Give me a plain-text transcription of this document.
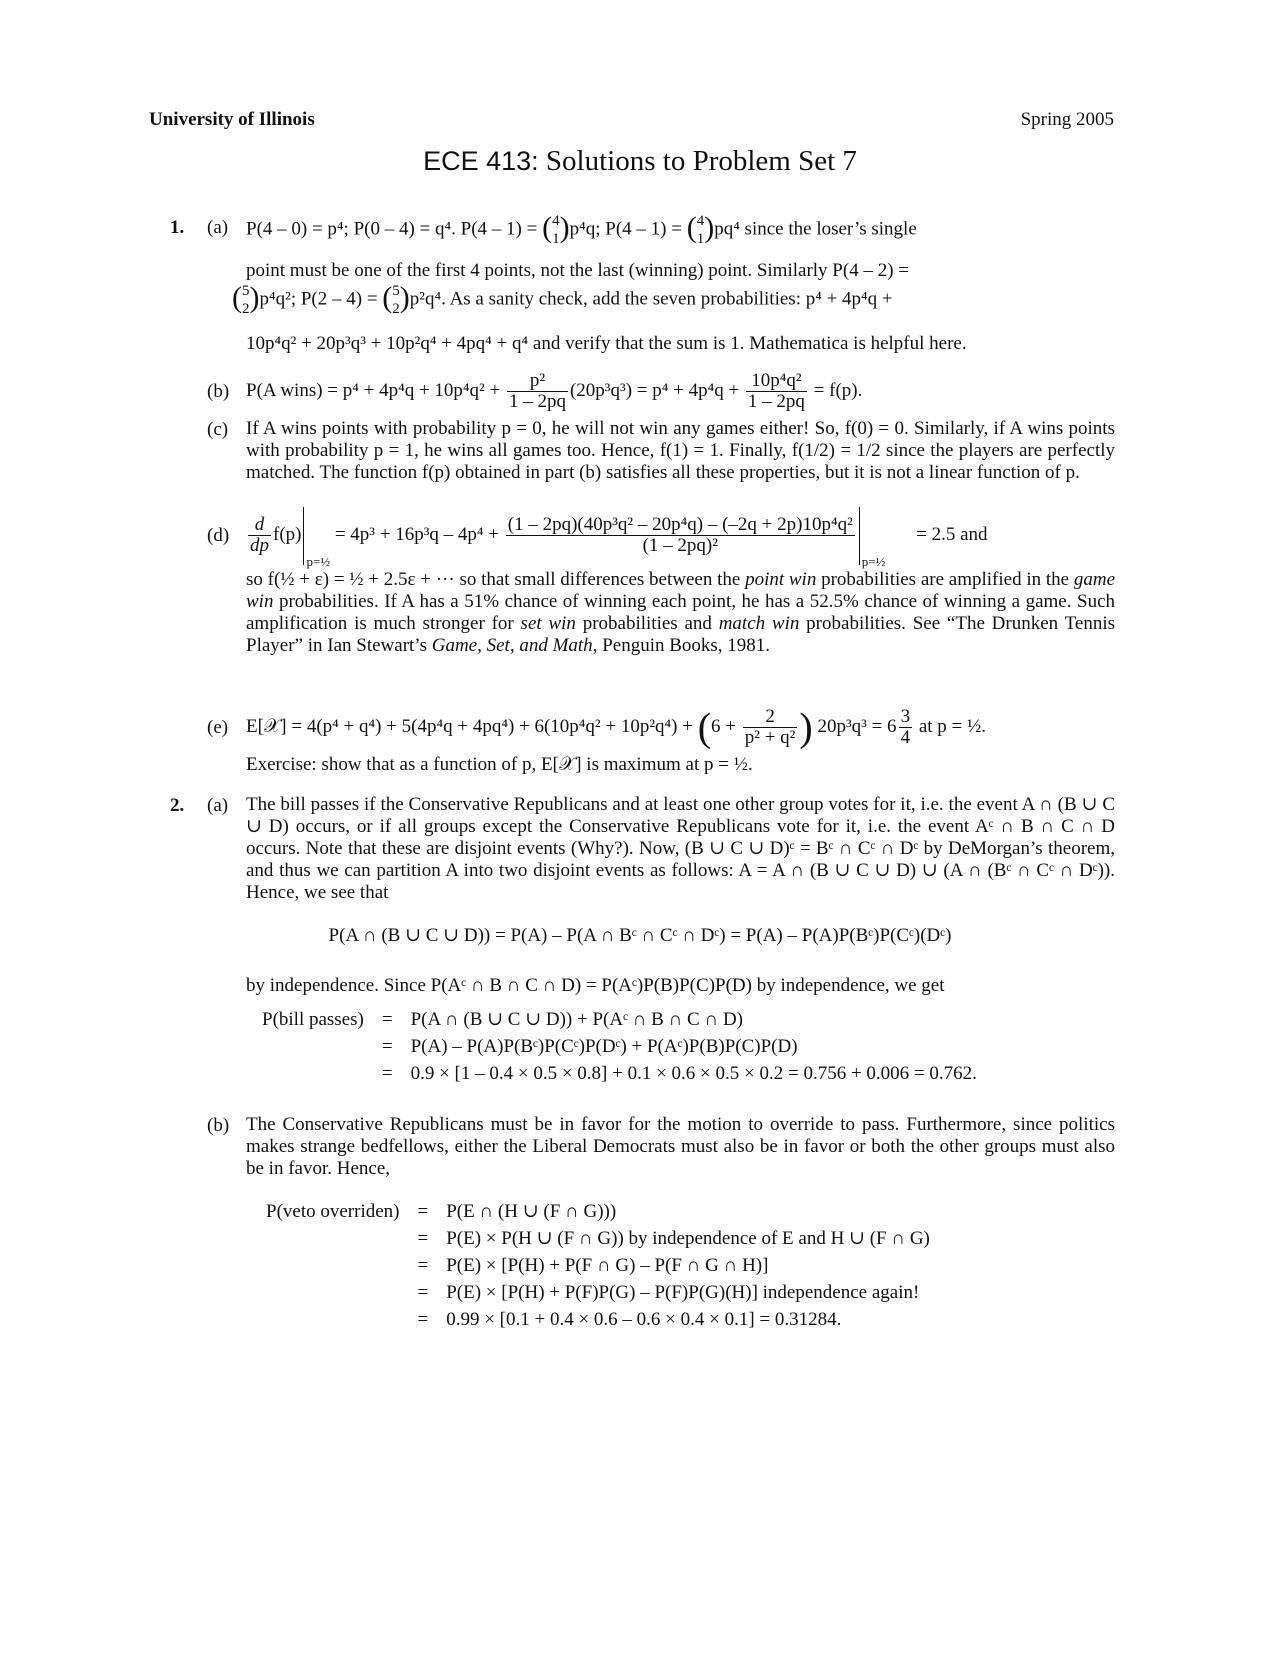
University of Illinois	Spring 2005
ECE 413: Solutions to Problem Set 7
1. (a) P(4 – 0) = p⁴; P(0 – 4) = q⁴. P(4 – 1) = (4
1)p⁴q; P(4 – 1) = (4
1)pq⁴ since the loser’s single
point must be one of the first 4 points, not the last (winning) point. Similarly P(4 – 2) =
(5
2)p⁴q²; P(2 – 4) = (5
2)p²q⁴. As a sanity check, add the seven probabilities: p⁴ + 4p⁴q +
10p⁴q² + 20p³q³ + 10p²q⁴ + 4pq⁴ + q⁴ and verify that the sum is 1. Mathematica is helpful here.
(b) P(A wins) = $p^4 + 4p^4q + 10p^4q^2 + \frac{\text{p²}}{1 - 2pq} (20p^3q^3) = p^4 + 4p^4q + \frac{\text{10p⁴q²}}{1 - 2pq} = f(p)$.
(c) If A wins points with probability p = 0, he will not win any games either! So, f(0) = 0. Similarly, if A wins points with probability p = 1, he wins all games too. Hence, f(1) = 1. Finally, f(1/2) = 1/2 since the players are perfectly matched. The function f(p) obtained in part (b) satisfies all these properties, but it is not a linear function of p.
$(d) \frac{d}{dp} f(p)_{p=\frac{1}{2}} = 4p^3 + 16p^3q - 4p^4 + \frac{\text{(1 – 2pq)(40p³q² – 20p⁴q) – (–2q + 2p)10p⁴q²}}{\text{(1 – 2pq)²}}$
$_{p=\frac{1}{2}}$ = 2.5 and
so f(½ + ε) = ½ + 2.5ε + ··· so that small differences between the point win probabilities are amplified in the game win probabilities. If A has a 51% chance of winning each point, he has a 52.5% chance of winning a game. Such amplification is much stronger for set win probabilities and match win probabilities. See “The Drunken Tennis Player” in Ian Stewart’s Game, Set, and Math, Penguin Books, 1981.
(e) E[𝒳] = $4(p^4 + q^4) + 5(4p^4q + 4pq^4) + 6(10p^4q^2 + 10p^2q^4) + (6 + \frac{2}{\text{p² + q²}}$ ) $20p^3q^3 = 6 \frac{3}{4}$ at p = ½.
Exercise: show that as a function of p, E[𝒳] is maximum at p = ½.
2. (a) The bill passes if the Conservative Republicans and at least one other group votes for it, i.e. the event A ∩ (B ∪ C ∪ D) occurs, or if all groups except the Conservative Republicans vote for it, i.e. the event Aᶜ ∩ B ∩ C ∩ D occurs. Note that these are disjoint events (Why?). Now, (B ∪ C ∪ D)ᶜ = Bᶜ ∩ Cᶜ ∩ Dᶜ by DeMorgan’s theorem, and thus we can partition A into two disjoint events as follows: A = A ∩ (B ∪ C ∪ D) ∪ (A ∩ (Bᶜ ∩ Cᶜ ∩ Dᶜ)). Hence, we see that
P(A ∩ (B ∪ C ∪ D)) = P(A) – P(A ∩ Bᶜ ∩ Cᶜ ∩ Dᶜ) = P(A) – P(A)P(Bᶜ)P(Cᶜ)(Dᶜ)
by independence. Since P(Aᶜ ∩ B ∩ C ∩ D) = P(Aᶜ)P(B)P(C)P(D) by independence, we get
P(bill passes)	=	P(A ∩ (B ∪ C ∪ D)) + P(Aᶜ ∩ B ∩ C ∩ D)
	=	P(A) – P(A)P(Bᶜ)P(Cᶜ)P(Dᶜ) + P(Aᶜ)P(B)P(C)P(D)
	=	0.9 × [1 – 0.4 × 0.5 × 0.8] + 0.1 × 0.6 × 0.5 × 0.2 = 0.756 + 0.006 = 0.762.
(b) The Conservative Republicans must be in favor for the motion to override to pass. Furthermore, since politics makes strange bedfellows, either the Liberal Democrats must also be in favor or both the other groups must also be in favor. Hence,
P(veto overriden)	=	P(E ∩ (H ∪ (F ∩ G)))
	=	P(E) × P(H ∪ (F ∩ G)) by independence of E and H ∪ (F ∩ G)
	=	P(E) × [P(H) + P(F ∩ G) – P(F ∩ G ∩ H)]
	=	P(E) × [P(H) + P(F)P(G) – P(F)P(G)(H)] independence again!
	=	0.99 × [0.1 + 0.4 × 0.6 – 0.6 × 0.4 × 0.1] = 0.31284.
